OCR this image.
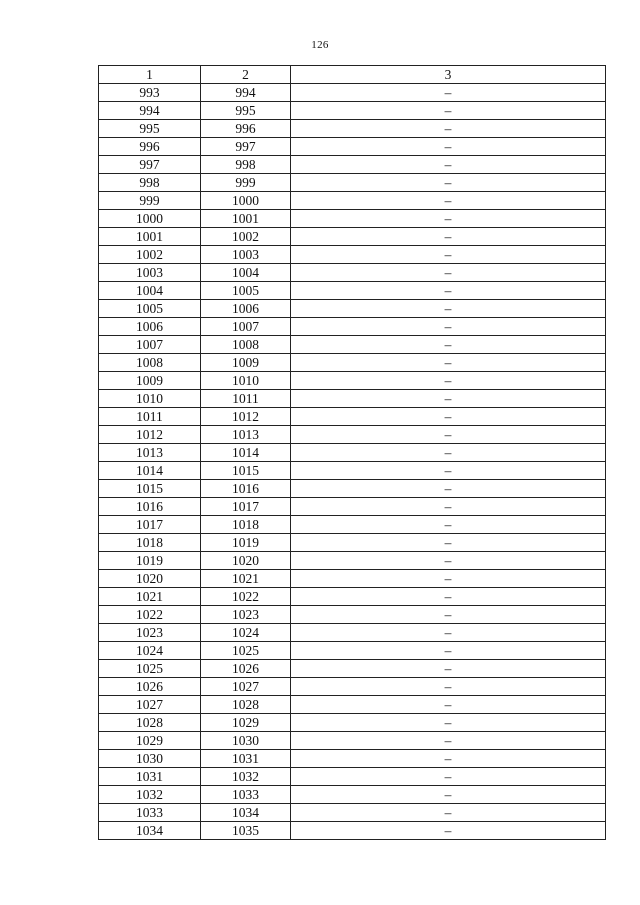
126
1	2	3
993	994	–
994	995	–
995	996	–
996	997	–
997	998	–
998	999	–
999	1000	–
1000	1001	–
1001	1002	–
1002	1003	–
1003	1004	–
1004	1005	–
1005	1006	–
1006	1007	–
1007	1008	–
1008	1009	–
1009	1010	–
1010	1011	–
1011	1012	–
1012	1013	–
1013	1014	–
1014	1015	–
1015	1016	–
1016	1017	–
1017	1018	–
1018	1019	–
1019	1020	–
1020	1021	–
1021	1022	–
1022	1023	–
1023	1024	–
1024	1025	–
1025	1026	–
1026	1027	–
1027	1028	–
1028	1029	–
1029	1030	–
1030	1031	–
1031	1032	–
1032	1033	–
1033	1034	–
1034	1035	–
